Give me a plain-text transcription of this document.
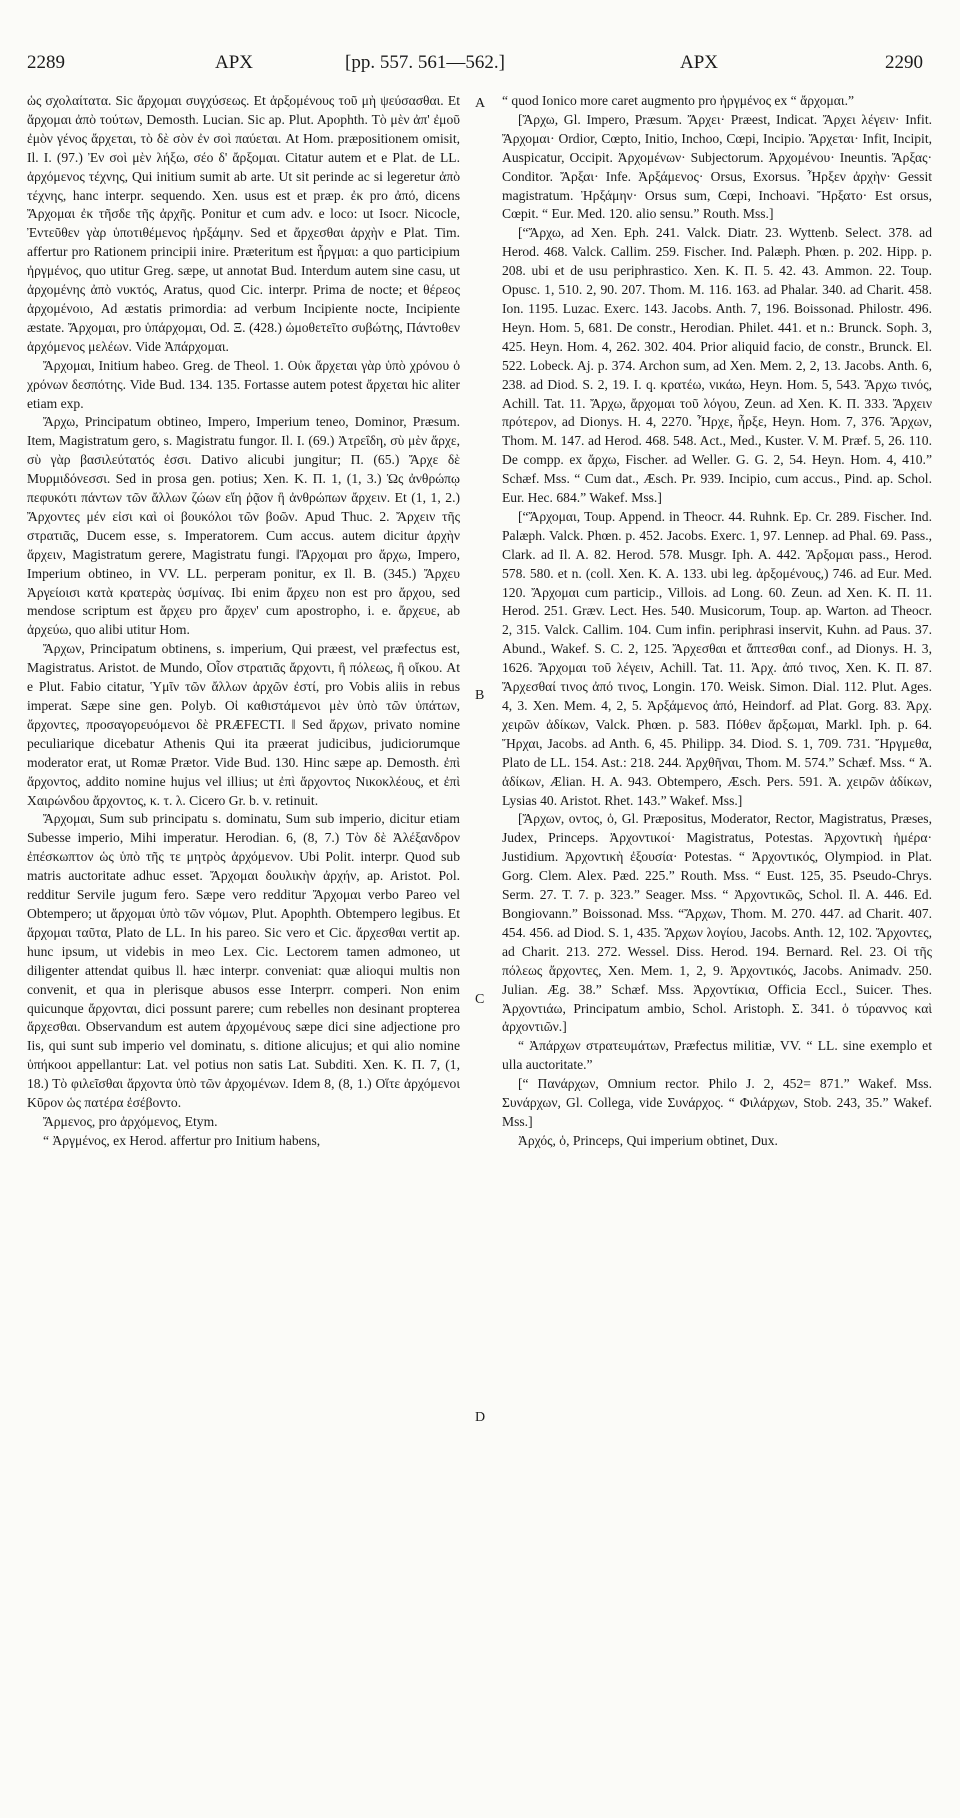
2289	APX	[pp. 557. 561—562.]	APX	2290

ὡς σχολαίτατα. Sic ἄρχομαι συγχύσεως. Et ἀρξομένους τοῦ μὴ ψεύσασθαι. Et ἄρχομαι ἀπὸ τούτων, Demosth. Lucian. Sic ap. Plut. Apophth. Τὸ μὲν ἀπ' ἐμοῦ ἐμὸν γένος ἄρχεται, τὸ δὲ σὸν ἐν σοὶ παύεται. At Hom. præpositionem omisit, Il. I. (97.) Ἐν σοὶ μὲν λήξω, σέο δ' ἄρξομαι. Citatur autem et e Plat. de LL. ἀρχόμενος τέχνης, Qui initium sumit ab arte. Ut sit perinde ac si legeretur ἀπὸ τέχνης, hanc interpr. sequendo. Xen. usus est et præp. ἐκ pro ἀπό, dicens Ἄρχομαι ἐκ τῆσδε τῆς ἀρχῆς. Ponitur et cum adv. e loco: ut Isocr. Nicocle, Ἐντεῦθεν γὰρ ὑποτιθέμενος ἠρξάμην. Sed et ἄρχεσθαι ἀρχὴν e Plat. Tim. affertur pro Rationem principii inire. Præteritum est ἦργμαι: a quo participium ἠργμένος, quo utitur Greg. sæpe, ut annotat Bud. Interdum autem sine casu, ut ἀρχομένης ἀπὸ νυκτός, Aratus, quod Cic. interpr. Prima de nocte; et θέρεος ἀρχομένοιο, Ad æstatis primordia: ad verbum Incipiente nocte, Incipiente æstate. Ἄρχομαι, pro ὑπάρχομαι, Od. Ξ. (428.) ὠμοθετεῖτο συβώτης, Πάντοθεν ἀρχόμενος μελέων. Vide Ἀπάρχομαι.

Ἄρχομαι, Initium habeo. Greg. de Theol. 1. Οὐκ ἄρχεται γὰρ ὑπὸ χρόνου ὁ χρόνων δεσπότης. Vide Bud. 134. 135. Fortasse autem potest ἄρχεται hic aliter etiam exp.

Ἄρχω, Principatum obtineo, Impero, Imperium teneo, Dominor, Præsum. Item, Magistratum gero, s. Magistratu fungor. Il. I. (69.) Ἀτρεΐδη, σὺ μὲν ἄρχε, σὺ γὰρ βασιλεύτατός ἐσσι. Dativo alicubi jungitur; Π. (65.) Ἄρχε δὲ Μυρμιδόνεσσι. Sed in prosa gen. potius; Xen. Κ. Π. 1, (1, 3.) Ὡς ἀνθρώπῳ πεφυκότι πάντων τῶν ἄλλων ζώων εἴη ῥᾷον ἢ ἀνθρώπων ἄρχειν. Et (1, 1, 2.) Ἄρχοντες μέν εἰσι καὶ οἱ βουκόλοι τῶν βοῶν. Apud Thuc. 2. Ἄρχειν τῆς στρατιᾶς, Ducem esse, s. Imperatorem. Cum accus. autem dicitur ἀρχὴν ἄρχειν, Magistratum gerere, Magistratu fungi. ‖Ἄρχομαι pro ἄρχω, Impero, Imperium obtineo, in VV. LL. perperam ponitur, ex Il. B. (345.) Ἄρχευ Ἀργείοισι κατὰ κρατερὰς ὑσμίνας. Ibi enim ἄρχευ non est pro ἄρχου, sed mendose scriptum est ἄρχευ pro ἄρχεν' cum apostropho, i. e. ἄρχευε, ab ἀρχεύω, quo alibi utitur Hom.

Ἄρχων, Principatum obtinens, s. imperium, Qui præest, vel præfectus est, Magistratus. Aristot. de Mundo, Οἷον στρατιᾶς ἄρχοντι, ἢ πόλεως, ἢ οἴκου. At e Plut. Fabio citatur, Ὑμῖν τῶν ἄλλων ἀρχῶν ἐστί, pro Vobis aliis in rebus imperat. Sæpe sine gen. Polyb. Οἱ καθιστάμενοι μὲν ὑπὸ τῶν ὑπάτων, ἄρχοντες, προσαγορευόμενοι δὲ PRÆFECTI. ‖ Sed ἄρχων, privato nomine peculiarique dicebatur Athenis Qui ita præerat judicibus, judiciorumque moderator erat, ut Romæ Prætor. Vide Bud. 130. Hinc sæpe ap. Demosth. ἐπὶ ἄρχοντος, addito nomine hujus vel illius; ut ἐπὶ ἄρχοντος Νικοκλέους, et ἐπὶ Χαιρώνδου ἄρχοντος, κ. τ. λ. Cicero Gr. b. v. retinuit.

Ἄρχομαι, Sum sub principatu s. dominatu, Sum sub imperio, dicitur etiam Subesse imperio, Mihi imperatur. Herodian. 6, (8, 7.) Τὸν δὲ Ἀλέξανδρον ἐπέσκωπτον ὡς ὑπὸ τῆς τε μητρὸς ἀρχόμενον. Ubi Polit. interpr. Quod sub matris auctoritate adhuc esset. Ἄρχομαι δουλικὴν ἀρχήν, ap. Aristot. Pol. redditur Servile jugum fero. Sæpe vero redditur Ἄρχομαι verbo Pareo vel Obtempero; ut ἄρχομαι ὑπὸ τῶν νόμων, Plut. Apophth. Obtempero legibus. Et ἄρχομαι ταῦτα, Plato de LL. In his pareo. Sic vero et Cic. ἄρχεσθαι vertit ap. hunc ipsum, ut videbis in meo Lex. Cic. Lectorem tamen admoneo, ut diligenter attendat quibus ll. hæc interpr. conveniat: quæ alioqui multis non convenit, et qua in plerisque abusos esse Interprr. comperi. Non enim quicunque ἄρχονται, dici possunt parere; cum rebelles non desinant propterea ἄρχεσθαι. Observandum est autem ἀρχομένους sæpe dici sine adjectione pro Iis, qui sunt sub imperio vel dominatu, s. ditione alicujus; et qui alio nomine ὑπήκοοι appellantur: Lat. vel potius non satis Lat. Subditi. Xen. Κ. Π. 7, (1, 18.) Τὸ φιλεῖσθαι ἄρχοντα ὑπὸ τῶν ἀρχομένων. Idem 8, (8, 1.) Οἵτε ἀρχόμενοι Κῦρον ὡς πατέρα ἐσέβοντο.

Ἄρμενος, pro ἀρχόμενος, Etym.

“ Ἀργμένος, ex Herod. affertur pro Initium habens,

A
B
C
D

“ quod Ionico more caret augmento pro ἠργμένος ex “ ἄρχομαι.”

[Ἄρχω, Gl. Impero, Præsum. Ἄρχει· Præest, Indicat. Ἄρχει λέγειν· Infit. Ἄρχομαι· Ordior, Cœpto, Initio, Inchoo, Cœpi, Incipio. Ἄρχεται· Infit, Incipit, Auspicatur, Occipit. Ἀρχομένων· Subjectorum. Ἀρχομένου· Ineuntis. Ἄρξας· Conditor. Ἄρξαι· Infe. Ἀρξάμενος· Orsus, Exorsus. Ἦρξεν ἀρχὴν· Gessit magistratum. Ἠρξάμην· Orsus sum, Cœpi, Inchoavi. Ἤρξατο· Est orsus, Cœpit. “ Eur. Med. 120. alio sensu.” Routh. Mss.]

[“Ἄρχω, ad Xen. Eph. 241. Valck. Diatr. 23. Wyttenb. Select. 378. ad Herod. 468. Valck. Callim. 259. Fischer. Ind. Palæph. Phœn. p. 202. Hipp. p. 208. ubi et de usu periphrastico. Xen. Κ. Π. 5. 42. 43. Ammon. 22. Toup. Opusc. 1, 510. 2, 90. 207. Thom. M. 116. 163. ad Phalar. 340. ad Charit. 458. Ion. 1195. Luzac. Exerc. 143. Jacobs. Anth. 7, 196. Boissonad. Philostr. 496. Heyn. Hom. 5, 681. De constr., Herodian. Philet. 441. et n.: Brunck. Soph. 3, 425. Heyn. Hom. 4, 262. 302. 404. Prior aliquid facio, de constr., Brunck. El. 522. Lobeck. Aj. p. 374. Archon sum, ad Xen. Mem. 2, 2, 13. Jacobs. Anth. 6, 238. ad Diod. S. 2, 19. I. q. κρατέω, νικάω, Heyn. Hom. 5, 543. Ἄρχω τινός, Achill. Tat. 11. Ἄρχω, ἄρχομαι τοῦ λόγου, Zeun. ad Xen. Κ. Π. 333. Ἄρχειν πρότερον, ad Dionys. H. 4, 2270. Ἦρχε, ἦρξε, Heyn. Hom. 7, 376. Ἄρχων, Thom. M. 147. ad Herod. 468. 548. Act., Med., Kuster. V. M. Præf. 5, 26. 110. De compp. ex ἄρχω, Fischer. ad Weller. G. G. 2, 54. Heyn. Hom. 4, 410.” Schæf. Mss. “ Cum dat., Æsch. Pr. 939. Incipio, cum accus., Pind. ap. Schol. Eur. Hec. 684.” Wakef. Mss.]

[“Ἄρχομαι, Toup. Append. in Theocr. 44. Ruhnk. Ep. Cr. 289. Fischer. Ind. Palæph. Valck. Phœn. p. 452. Jacobs. Exerc. 1, 97. Lennep. ad Phal. 69. Pass., Clark. ad Il. A. 82. Herod. 578. Musgr. Iph. A. 442. Ἄρξομαι pass., Herod. 578. 580. et n. (coll. Xen. Κ. A. 133. ubi leg. ἀρξομένους,) 746. ad Eur. Med. 120. Ἄρχομαι cum particip., Villois. ad Long. 60. Zeun. ad Xen. Κ. Π. 11. Herod. 251. Græv. Lect. Hes. 540. Musicorum, Toup. ap. Warton. ad Theocr. 2, 315. Valck. Callim. 104. Cum infin. periphrasi inservit, Kuhn. ad Paus. 37. Abund., Wakef. S. C. 2, 125. Ἄρχεσθαι et ἅπτεσθαι conf., ad Dionys. H. 3, 1626. Ἄρχομαι τοῦ λέγειν, Achill. Tat. 11. Ἀρχ. ἀπό τινος, Xen. Κ. Π. 87. Ἄρχεσθαί τινος ἀπό τινος, Longin. 170. Weisk. Simon. Dial. 112. Plut. Ages. 4, 3. Xen. Mem. 4, 2, 5. Ἀρξάμενος ἀπό, Heindorf. ad Plat. Gorg. 83. Ἀρχ. χειρῶν ἀδίκων, Valck. Phœn. p. 583. Πόθεν ἄρξωμαι, Markl. Iph. p. 64. Ἤρχαι, Jacobs. ad Anth. 6, 45. Philipp. 34. Diod. S. 1, 709. 731. Ἤργμεθα, Plato de LL. 154. Ast.: 218. 244. Ἀρχθῆναι, Thom. M. 574.” Schæf. Mss. “ Ἀ. ἀδίκων, Ælian. H. A. 943. Obtempero, Æsch. Pers. 591. Ἀ. χειρῶν ἀδίκων, Lysias 40. Aristot. Rhet. 143.” Wakef. Mss.]

[Ἄρχων, οντος, ὁ, Gl. Præpositus, Moderator, Rector, Magistratus, Præses, Judex, Princeps. Ἀρχοντικοί· Magistratus, Potestas. Ἀρχοντικὴ ἡμέρα· Justidium. Ἀρχοντικὴ ἐξουσία· Potestas. “ Ἀρχοντικός, Olympiod. in Plat. Gorg. Clem. Alex. Pæd. 225.” Routh. Mss. “ Eust. 125, 35. Pseudo-Chrys. Serm. 27. T. 7. p. 323.” Seager. Mss. “ Ἀρχοντικῶς, Schol. Il. A. 446. Ed. Bongiovann.” Boissonad. Mss. “Ἄρχων, Thom. M. 270. 447. ad Charit. 407. 454. 456. ad Diod. S. 1, 435. Ἄρχων λογίου, Jacobs. Anth. 12, 102. Ἄρχοντες, ad Charit. 213. 272. Wessel. Diss. Herod. 194. Bernard. Rel. 23. Οἱ τῆς πόλεως ἄρχοντες, Xen. Mem. 1, 2, 9. Ἀρχοντικός, Jacobs. Animadv. 250. Julian. Æg. 38.” Schæf. Mss. Ἀρχοντίκια, Officia Eccl., Suicer. Thes. Ἀρχοντιάω, Principatum ambio, Schol. Aristoph. Σ. 341. ὁ τύραννος καὶ ἀρχοντιῶν.]

“ Ἀπάρχων στρατευμάτων, Præfectus militiæ, VV. “ LL. sine exemplo et ulla auctoritate.”

[“ Πανάρχων, Omnium rector. Philo J. 2, 452= 871.” Wakef. Mss. Συνάρχων, Gl. Collega, vide Συνάρχος. “ Φιλάρχων, Stob. 243, 35.” Wakef. Mss.]

Ἀρχός, ὁ, Princeps, Qui imperium obtinet, Dux.
